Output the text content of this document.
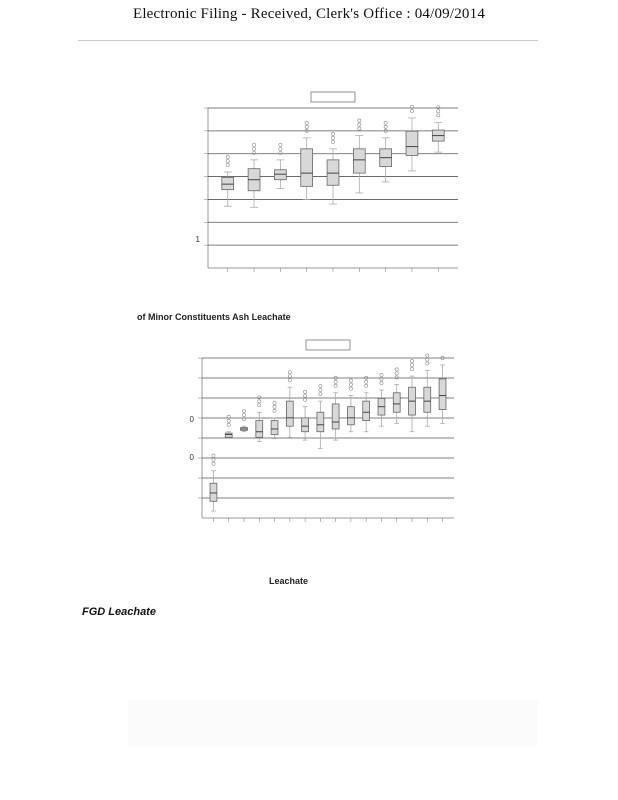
Electronic Filing - Received, Clerk's Office : 04/09/2014
1
of Minor Constituents Ash Leachate
0
0
Leachate
FGD Leachate
